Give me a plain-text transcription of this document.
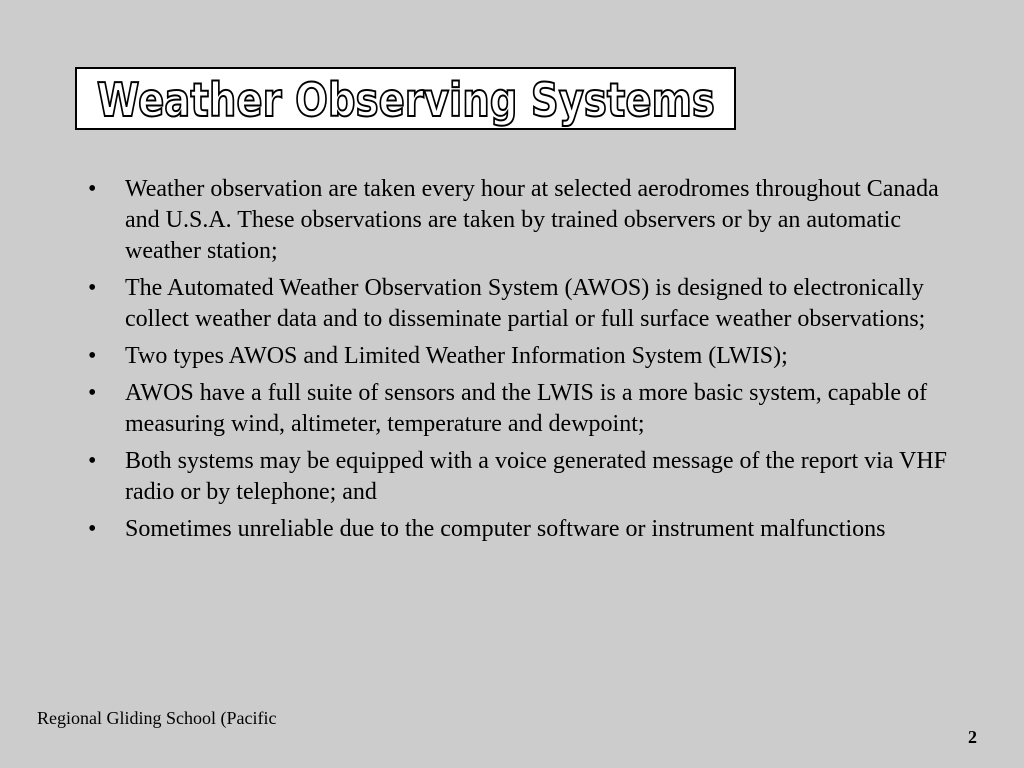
Weather Observing Systems
•	Weather observation are taken every hour at selected aerodromes throughout Canada and U.S.A. These observations are taken by trained observers or by an automatic weather station;
•	The Automated Weather Observation System (AWOS) is designed to electronically collect weather data and to disseminate partial or full surface weather observations;
•	Two types AWOS and Limited Weather Information System (LWIS);
•	AWOS have a full suite of sensors and the LWIS is a more basic system, capable of measuring wind, altimeter, temperature and dewpoint;
•	Both systems may be equipped with a voice generated message of the report via VHF radio or by telephone; and
•	Sometimes unreliable due to the computer software or instrument malfunctions
Regional Gliding School (Pacific
2
